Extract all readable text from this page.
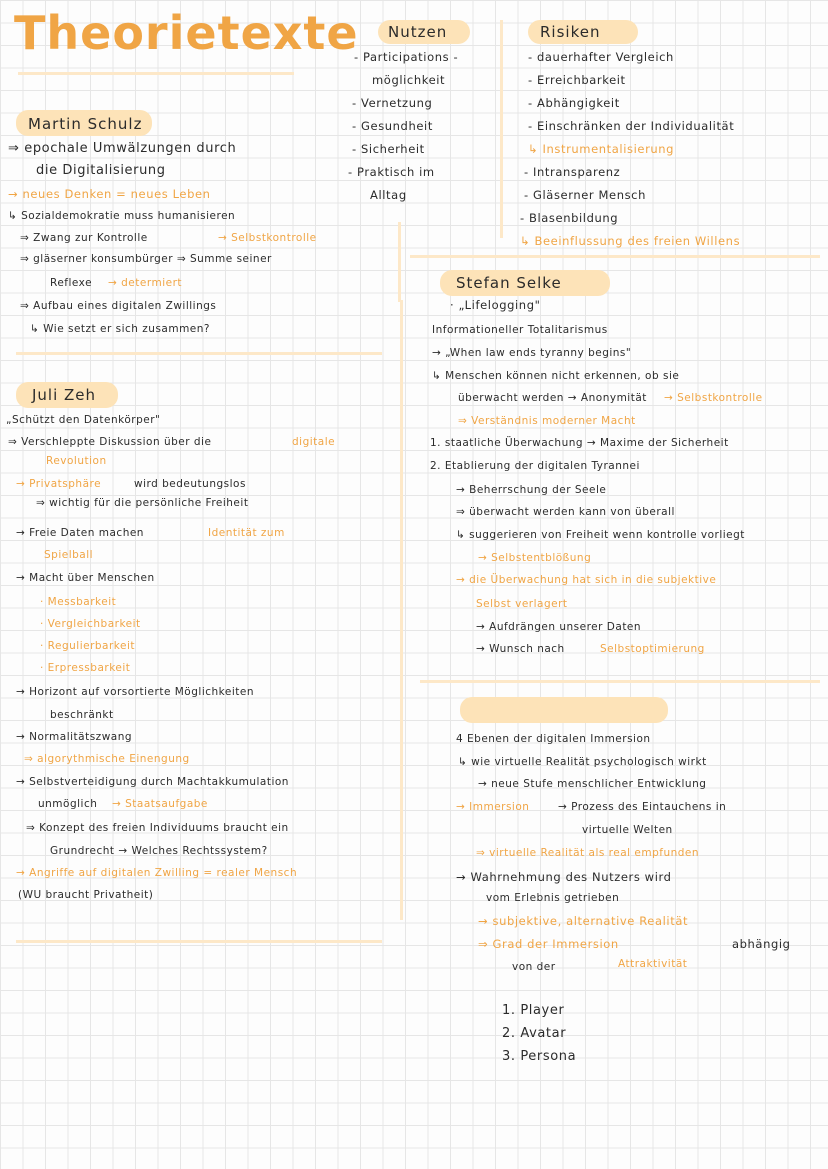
Theorietexte Nutzen
- Participations -
möglichkeit
- Vernetzung
- Gesundheit
- Sicherheit
- Praktisch im
Alltag
Risiken
- dauerhafter Vergleich
- Erreichbarkeit
- Abhängigkeit
- Einschränken der Individualität
↳ Instrumentalisierung
- Intransparenz
- Gläserner Mensch
- Blasenbildung
↳ Beeinflussung des freien Willens
Martin Schulz
⇒ epochale Umwälzungen durch
die Digitalisierung
→ neues Denken = neues Leben
↳ Sozialdemokratie muss humanisieren
⇒ Zwang zur Kontrolle	→ Selbstkontrolle
⇒ gläserner konsumbürger ⇒ Summe seiner
Reflexe → determiert
⇒ Aufbau eines digitalen Zwillings
↳ Wie setzt er sich zusammen?
Juli Zeh
„Schützt den Datenkörper"
⇒ Verschleppte Diskussion über die	digitale
Revolution
→ Privatsphäre	wird bedeutungslos
⇒ wichtig für die persönliche Freiheit
→ Freie Daten machen	Identität zum
Spielball
→ Macht über Menschen
· Messbarkeit
· Vergleichbarkeit
· Regulierbarkeit
· Erpressbarkeit
→ Horizont auf vorsortierte Möglichkeiten
beschränkt
→ Normalitätszwang
⇒ algorythmische Einengung
→ Selbstverteidigung durch Machtakkumulation
unmöglich → Staatsaufgabe
⇒ Konzept des freien Individuums braucht ein
Grundrecht → Welches Rechtssystem?
→ Angriffe auf digitalen Zwilling = realer Mensch
(WU braucht Privatheit)
Stefan Selke
· „Lifelogging"
Informationeller Totalitarismus
→ „When law ends tyranny begins"
↳ Menschen können nicht erkennen, ob sie
überwacht werden → Anonymität → Selbstkontrolle
⇒ Verständnis moderner Macht
1. staatliche Überwachung → Maxime der Sicherheit
2. Etablierung der digitalen Tyrannei
→ Beherrschung der Seele
⇒ überwacht werden kann von überall
↳ suggerieren von Freiheit wenn kontrolle vorliegt
→ Selbstentblößung
→ die Überwachung hat sich in die subjektive
Selbst verlagert
→ Aufdrängen unserer Daten
→ Wunsch nach	Selbstoptimierung
4 Ebenen der digitalen Immersion
↳ wie virtuelle Realität psychologisch wirkt
→ neue Stufe menschlicher Entwicklung
→ Immersion	→ Prozess des Eintauchens in
virtuelle Welten
⇒ virtuelle Realität als real empfunden
→ Wahrnehmung des Nutzers wird
vom Erlebnis getrieben
→ subjektive, alternative Realität
⇒ Grad der Immersion	abhängig
von der	Attraktivität
1. Player
2. Avatar
3. Persona
